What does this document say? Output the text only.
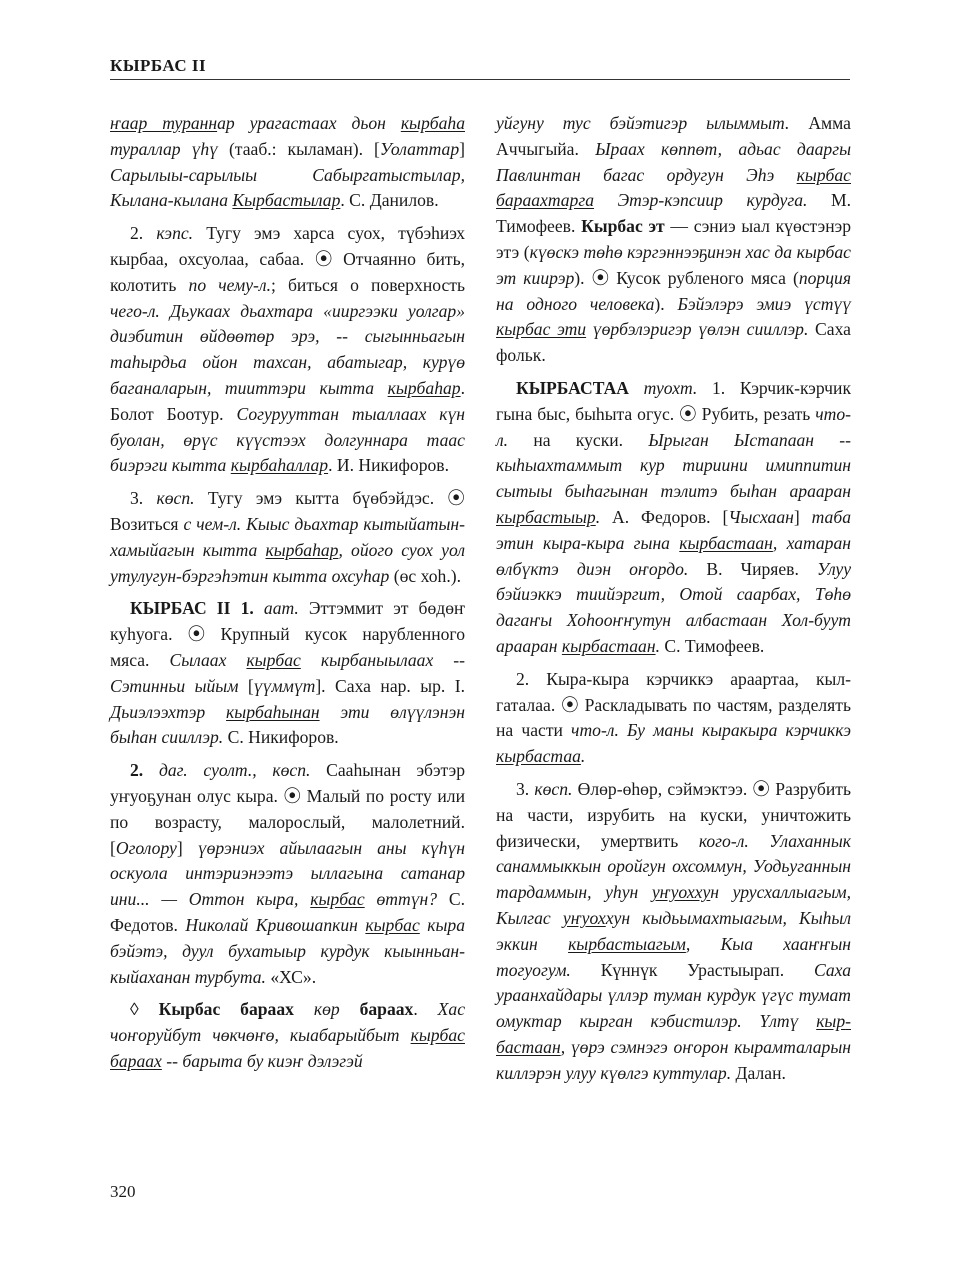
КЫРБАС II

ҥаар тураннар урагастаах дьон кырбаһа тураллар үһү (тааб.: кыламан). [Уолаттар] Сарылыы-сарылыы Сабыргатыстылар, Кылана-кылана Кырбастылар. С. Данилов.

2. кэпс. Тугу эмэ харса суох, түбэһиэх кырбаа, охсуолаа, сабаа. ⦿ Отчаянно бить, колотить по чему-л.; биться о поверхность чего-л. Дьукаах дьахтара «ииргээки уолгар» диэбитин өйдөөтөр эрэ, -- сыгынньагын таһырдьа ойон тахсан, абатыгар, курүө баганаларын, тииттэри кытта кырбаһар. Болот Боотур. Согурууттан тыаллаах күн буолан, өрүс күүстээх долгуннара таас биэрэги кытта кырбаһаллар. И. Никифоров.

3. көсп. Тугу эмэ кытта бүөбэйдэс. ⦿ Возиться с чем-л. Кыыс дьахтар кытыйатын-хамыйагын кытта кырбаһар, ойого суох уол утулугун-бэргэһэтин кытта охсуһар (өс хоһ.).

КЫРБАС II 1. аат. Эттэммит эт бөдөҥ куһуога. ⦿ Крупный кусок нарубленного мяса. Сылаах кырбас кырбаныылаах -- Сэтинньи ыйым [үүммүт]. Саха нар. ыр. I. Дьиэлээхтэр кырбаһынан эти өлүүлэнэн быһан сииллэр. С. Никифоров.

2. даг. суолт., көсп. Сааһынан эбэтэр уҥуоҕунан олус кыра. ⦿ Малый по росту или по возрасту, малорослый, малолетний. [Оголору] үөрэниэх айылаагын аны күһүн оскуола интэриэнээтэ ыллагына сатанар ини... — Оттон кыра, кырбас өттүн? С. Федотов. Николай Кривошапкин кырбас кыра бэйэтэ, дуул бухатыыр курдук кыынньан-кыйаханан турбута. «ХС».

◊ Кырбас бараах көр бараах. Хас чоҥоруйбут чөкчөҥө, кыабарыйбыт кырбас бараах -- барыта бу киэҥ дэлэгэй

уйгуну тус бэйэтигэр ылыммыт. Амма Аччыгыйа. Ыраах көппөт, адьас дааргы Павлинтан багас ордугун Эһэ кырбас бараахтарга Этэр-кэпсиир курдуга. М. Тимофеев. Кырбас эт — сэниэ ыал күөстэнэр этэ (күөскэ төһө кэргэннээҕинэн хас да кырбас эт киирэр). ⦿ Кусок рубленого мяса (порция на одного человека). Бэйэлэрэ эмиэ үстүү кырбас эти үөрбэлэригэр үөлэн сииллэр. Саха фольк.

КЫРБАСТАА туохт. 1. Кэрчик-кэрчик гына быс, быһыта огус. ⦿ Рубить, резать что-л. на куски. Ырыган Ыстапаан -- кыһыахтаммыт кур тириини имиппитин сытыы быһагынан тэлитэ быһан арааран кырбастыыр. А. Федоров. [Чысхаан] таба этин кыра-кыра гына кырбастаан, хатаран өлбүктэ диэн оҥордо. В. Чиряев. Улуу бэйиэккэ тиийэргит, Отой саарбах, Төһө дагаҥы Хоһооҥҥутун албастаан Хол-буут арaaран кырбастаан. С. Тимофеев.

2. Кыра-кыра кэрчиккэ араартаа, кылгаталаа. ⦿ Раскладывать по частям, разделять на части что-л. Бу маны кыракыра кэрчиккэ кырбастаа.

3. көсп. Өлөр-өһөр, сэймэктээ. ⦿ Разрубить на части, изрубить на куски, уничтожить физически, умертвить кого-л. Улаханнык санаммыккын оройгун охсоммун, Уодьуганнын тардаммын, уһун уҥуоххун урусхаллыагым, Кылгас уҥуоххун кыдьымахтыагым, Кыһыл эккин кырбастыагым, Кыа хааҥҥын тогуогум. Күннүк Урастыырап. Саха ураанхайдары үллэр туман курдук үгүс тумат омуктар кырган кэбистилэр. Үлтү кырбастаан, үөрэ сэмнэгэ оҥорон кырамталарын киллэрэн улуу күөлгэ куттулар. Далан.

320
